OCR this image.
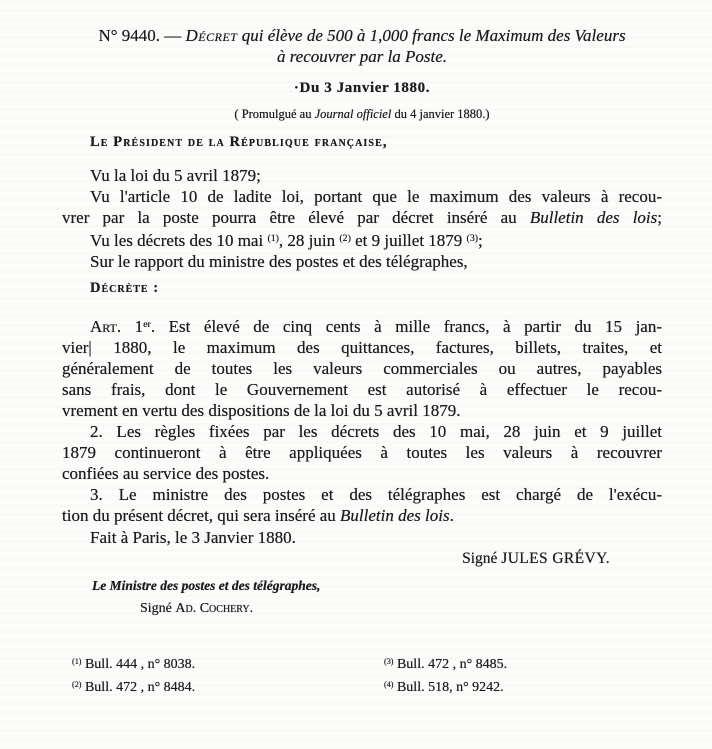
N° 9440. — Décret qui élève de 500 à 1,000 francs le Maximum des Valeurs
à recouvrer par la Poste.
·Du 3 Janvier 1880.
( Promulgué au Journal officiel du 4 janvier 1880.)
Le Président de la République française,
Vu la loi du 5 avril 1879;
Vu l'article 10 de ladite loi, portant que le maximum des valeurs à recou-
vrer par la poste pourra être élevé par décret inséré au Bulletin des lois;
Vu les décrets des 10 mai $^{(1)}$, 28 juin $^{(2)}$ et 9 juillet 1879 $^{(3)}$;
Sur le rapport du ministre des postes et des télégraphes,
Décrète :
Art. 1er. Est élevé de cinq cents à mille francs, à partir du 15 jan-
vier| 1880, le maximum des quittances, factures, billets, traites, et
généralement de toutes les valeurs commerciales ou autres, payables
sans frais, dont le Gouvernement est autorisé à effectuer le recou-
vrement en vertu des dispositions de la loi du 5 avril 1879.
2. Les règles fixées par les décrets des 10 mai, 28 juin et 9 juillet
1879 continueront à être appliquées à toutes les valeurs à recouvrer
confiées au service des postes.
3. Le ministre des postes et des télégraphes est chargé de l'exécu-
tion du présent décret, qui sera inséré au Bulletin des lois.
Fait à Paris, le 3 Janvier 1880.
Signé JULES GRÉVY.
Le Ministre des postes et des télégraphes,
Signé Ad. Cochery.
$^{(1)}$ Bull. 444 , n° 8038.
$^{(2)}$ Bull. 472 , n° 8484.
$^{(3)}$ Bull. 472 , n° 8485.
$^{(4)}$ Bull. 518, n° 9242.
